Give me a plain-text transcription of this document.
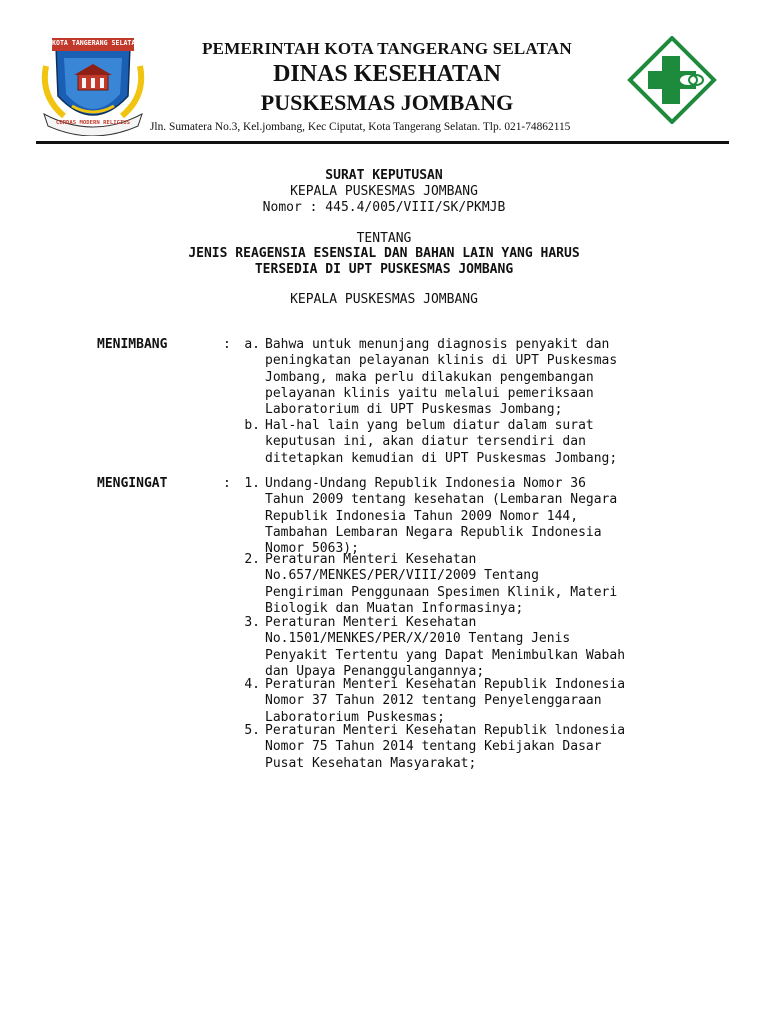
KOTA TANGERANG SELATAN
CERDAS MODERN RELIGIUS
PEMERINTAH KOTA TANGERANG SELATAN
DINAS KESEHATAN
PUSKESMAS JOMBANG
Jln. Sumatera No.3, Kel.jombang, Kec Ciputat, Kota Tangerang Selatan. Tlp. 021-74862115
SURAT KEPUTUSAN
KEPALA PUSKESMAS JOMBANG
Nomor : 445.4/005/VIII/SK/PKMJB
TENTANG
JENIS REAGENSIA ESENSIAL DAN BAHAN LAIN YANG HARUS
TERSEDIA DI UPT PUSKESMAS JOMBANG
KEPALA PUSKESMAS JOMBANG
MENIMBANG	:	a. Bahwa untuk menunjang diagnosis penyakit dan
peningkatan pelayanan klinis di UPT Puskesmas
Jombang, maka perlu dilakukan pengembangan
pelayanan klinis yaitu melalui pemeriksaan
Laboratorium di UPT Puskesmas Jombang;
b. Hal-hal lain yang belum diatur dalam surat
keputusan ini, akan diatur tersendiri dan
ditetapkan kemudian di UPT Puskesmas Jombang;
MENGINGAT	:	1. Undang-Undang Republik Indonesia Nomor 36
Tahun 2009 tentang kesehatan (Lembaran Negara
Republik Indonesia Tahun 2009 Nomor 144,
Tambahan Lembaran Negara Republik Indonesia
Nomor 5063);
2. Peraturan Menteri Kesehatan
No.657/MENKES/PER/VIII/2009 Tentang
Pengiriman Penggunaan Spesimen Klinik, Materi
Biologik dan Muatan Informasinya;
3. Peraturan Menteri Kesehatan
No.1501/MENKES/PER/X/2010 Tentang Jenis
Penyakit Tertentu yang Dapat Menimbulkan Wabah
dan Upaya Penanggulangannya;
4. Peraturan Menteri Kesehatan Republik Indonesia
Nomor 37 Tahun 2012 tentang Penyelenggaraan
Laboratorium Puskesmas;
5. Peraturan Menteri Kesehatan Republik lndonesia
Nomor 75 Tahun 2014 tentang Kebijakan Dasar
Pusat Kesehatan Masyarakat;
